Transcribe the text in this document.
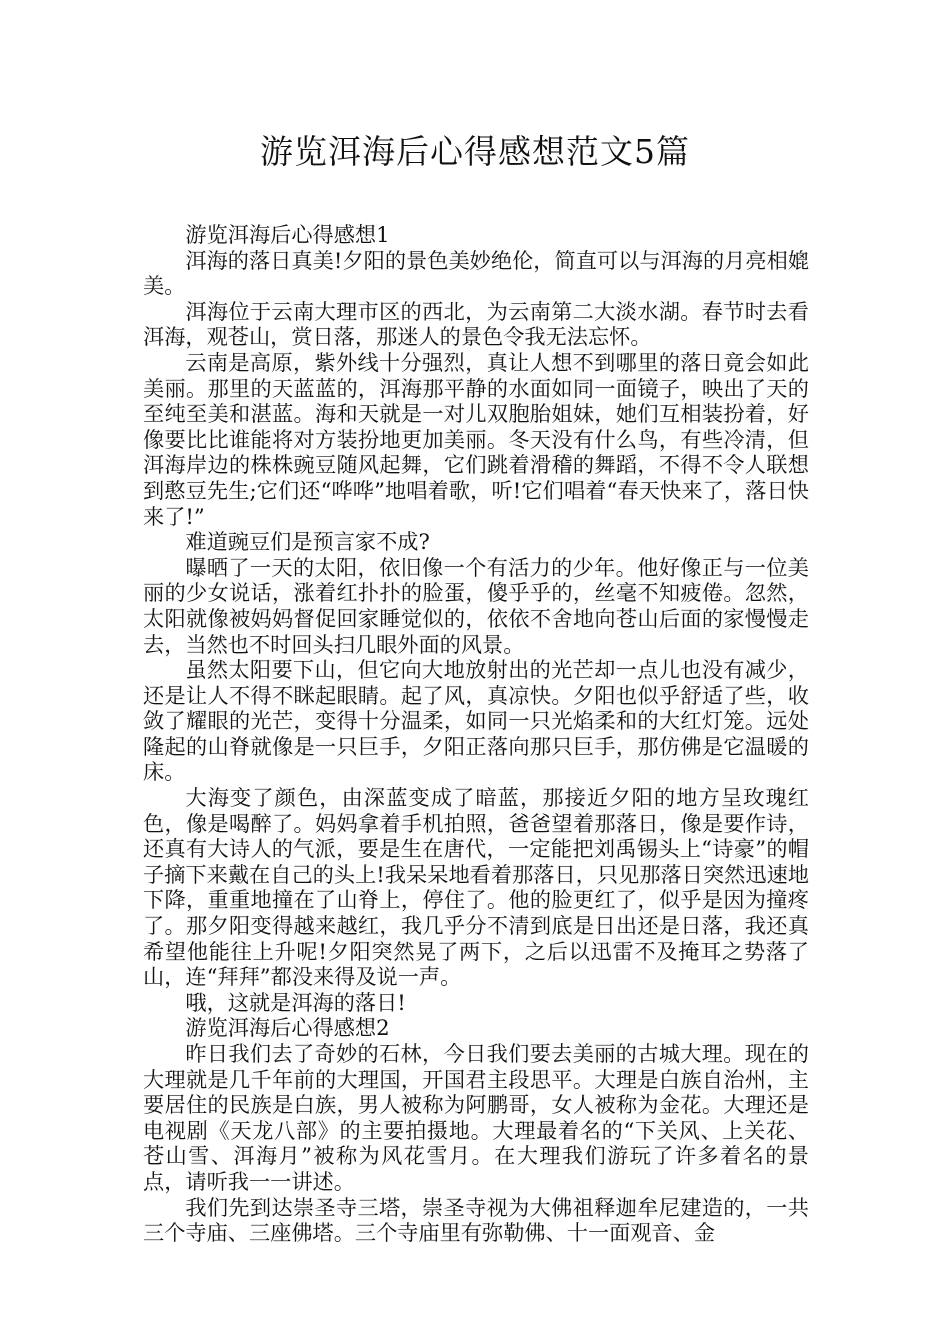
游览洱海后心得感想范文5篇

游览洱海后心得感想1

洱海的落日真美!夕阳的景色美妙绝伦，简直可以与洱海的月亮相媲美。

洱海位于云南大理市区的西北，为云南第二大淡水湖。春节时去看洱海，观苍山，赏日落，那迷人的景色令我无法忘怀。

云南是高原，紫外线十分强烈，真让人想不到哪里的落日竟会如此美丽。那里的天蓝蓝的，洱海那平静的水面如同一面镜子，映出了天的至纯至美和湛蓝。海和天就是一对儿双胞胎姐妹，她们互相装扮着，好像要比比谁能将对方装扮地更加美丽。冬天没有什么鸟，有些冷清，但洱海岸边的株株豌豆随风起舞，它们跳着滑稽的舞蹈，不得不令人联想到憨豆先生;它们还“哗哗”地唱着歌，听!它们唱着“春天快来了，落日快来了!”

难道豌豆们是预言家不成?

曝晒了一天的太阳，依旧像一个有活力的少年。他好像正与一位美丽的少女说话，涨着红扑扑的脸蛋，傻乎乎的，丝毫不知疲倦。忽然，太阳就像被妈妈督促回家睡觉似的，依依不舍地向苍山后面的家慢慢走去，当然也不时回头扫几眼外面的风景。

虽然太阳要下山，但它向大地放射出的光芒却一点儿也没有减少，还是让人不得不眯起眼睛。起了风，真凉快。夕阳也似乎舒适了些，收敛了耀眼的光芒，变得十分温柔，如同一只光焰柔和的大红灯笼。远处隆起的山脊就像是一只巨手，夕阳正落向那只巨手，那仿佛是它温暖的床。

大海变了颜色，由深蓝变成了暗蓝，那接近夕阳的地方呈玫瑰红色，像是喝醉了。妈妈拿着手机拍照，爸爸望着那落日，像是要作诗，还真有大诗人的气派，要是生在唐代，一定能把刘禹锡头上“诗豪”的帽子摘下来戴在自己的头上!我呆呆地看着那落日，只见那落日突然迅速地下降，重重地撞在了山脊上，停住了。他的脸更红了，似乎是因为撞疼了。那夕阳变得越来越红，我几乎分不清到底是日出还是日落，我还真希望他能往上升呢!夕阳突然晃了两下，之后以迅雷不及掩耳之势落了山，连“拜拜”都没来得及说一声。

哦，这就是洱海的落日!

游览洱海后心得感想2

昨日我们去了奇妙的石林，今日我们要去美丽的古城大理。现在的大理就是几千年前的大理国，开国君主段思平。大理是白族自治州，主要居住的民族是白族，男人被称为阿鹏哥，女人被称为金花。大理还是电视剧《天龙八部》的主要拍摄地。大理最着名的“下关风、上关花、苍山雪、洱海月”被称为风花雪月。在大理我们游玩了许多着名的景点，请听我一一讲述。

我们先到达崇圣寺三塔，崇圣寺视为大佛祖释迦牟尼建造的，一共三个寺庙、三座佛塔。三个寺庙里有弥勒佛、十一面观音、金
